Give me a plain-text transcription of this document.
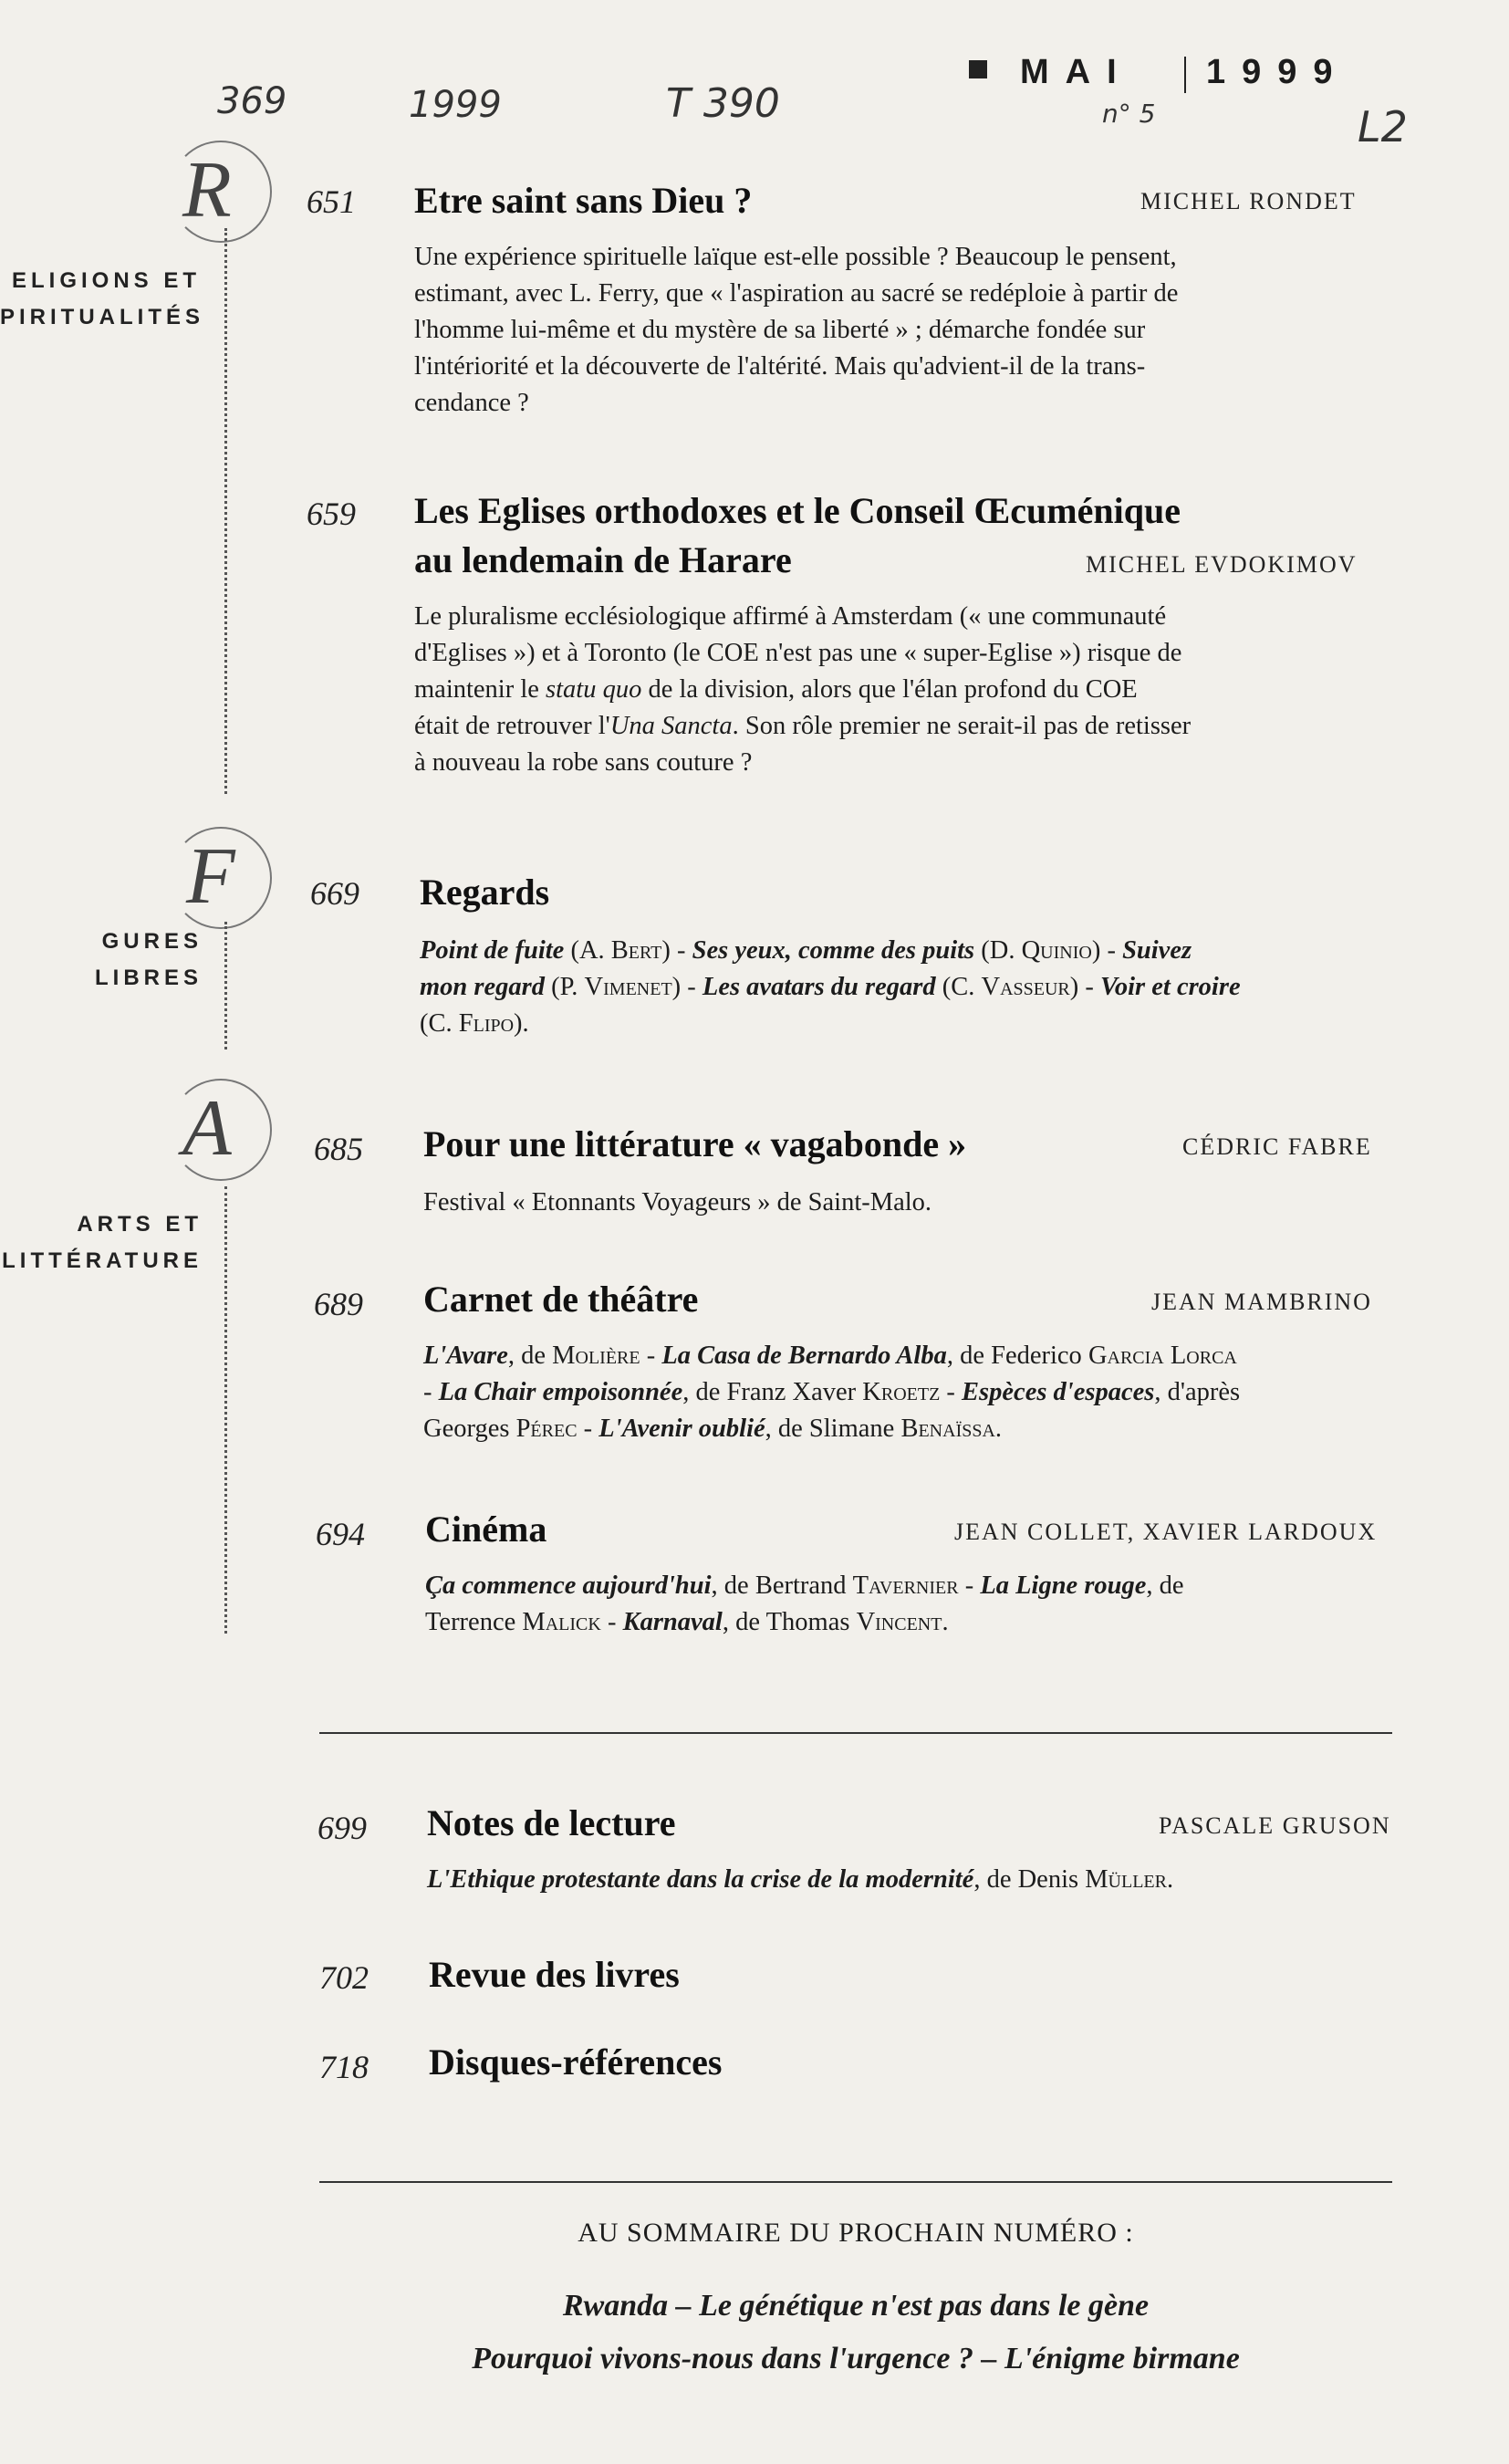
MAI 1999
369	1999	T 390	n° 5	L2
R
ELIGIONS ET
PIRITUALITÉS
F
GURES LIBRES
A
ARTS ET
LITTÉRATURE
651 Etre saint sans Dieu ?	MICHEL RONDET
Une expérience spirituelle laïque est-elle possible ? Beaucoup le pensent,
estimant, avec L. Ferry, que « l'aspiration au sacré se redéploie à partir de
l'homme lui-même et du mystère de sa liberté » ; démarche fondée sur
l'intériorité et la découverte de l'altérité. Mais qu'advient-il de la trans-
cendance ?
659 Les Eglises orthodoxes et le Conseil Œcuménique
au lendemain de Harare	MICHEL EVDOKIMOV
Le pluralisme ecclésiologique affirmé à Amsterdam (« une communauté
d'Eglises ») et à Toronto (le COE n'est pas une « super-Eglise ») risque de
maintenir le statu quo de la division, alors que l'élan profond du COE
était de retrouver l'Una Sancta. Son rôle premier ne serait-il pas de retisser
à nouveau la robe sans couture ?
669 Regards
Point de fuite (A. Bert) - Ses yeux, comme des puits (D. Quinio) - Suivez
mon regard (P. Vimenet) - Les avatars du regard (C. Vasseur) - Voir et croire
(C. Flipo).
685 Pour une littérature « vagabonde »	CÉDRIC FABRE
Festival « Etonnants Voyageurs » de Saint-Malo.
689 Carnet de théâtre	JEAN MAMBRINO
L'Avare, de Molière - La Casa de Bernardo Alba, de Federico Garcia Lorca
- La Chair empoisonnée, de Franz Xaver Kroetz - Espèces d'espaces, d'après
Georges Pérec - L'Avenir oublié, de Slimane Benaïssa.
694 Cinéma	JEAN COLLET, XAVIER LARDOUX
Ça commence aujourd'hui, de Bertrand Tavernier - La Ligne rouge, de
Terrence Malick - Karnaval, de Thomas Vincent.
699 Notes de lecture	PASCALE GRUSON
L'Ethique protestante dans la crise de la modernité, de Denis Müller.
702 Revue des livres
718 Disques-références
AU SOMMAIRE DU PROCHAIN NUMÉRO :
Rwanda – Le génétique n'est pas dans le gène
Pourquoi vivons-nous dans l'urgence ? – L'énigme birmane
